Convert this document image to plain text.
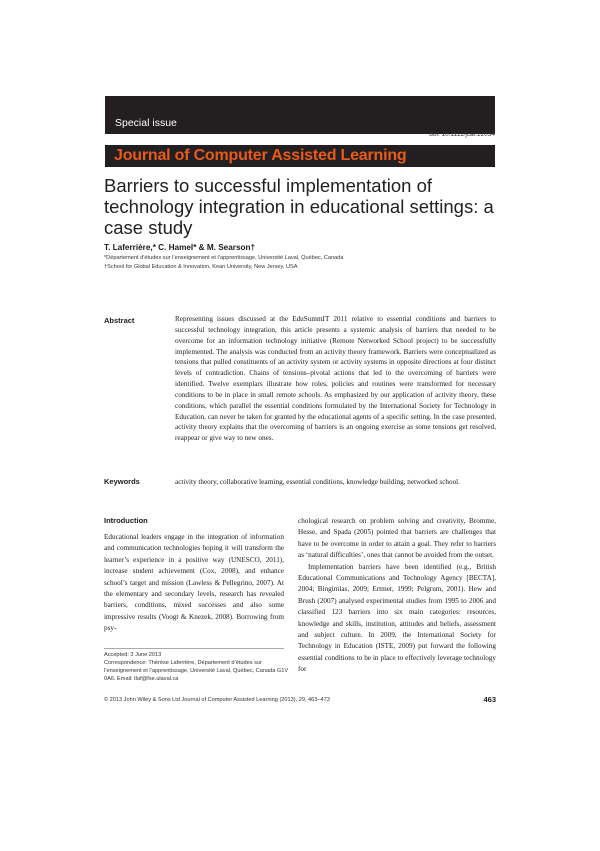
Special issue
doi: 10.1111/jcal.12034
Journal of Computer Assisted Learning
Barriers to successful implementation of technology integration in educational settings: a case study
T. Laferrière,* C. Hamel* & M. Searson†
*Département d’études sur l’enseignement et l’apprentissage, Université Laval, Québec, Canada
†School for Global Education & Innovation, Kean University, New Jersey, USA
Abstract	Representing issues discussed at the EduSummIT 2011 relative to essential conditions and barriers to successful technology integration, this article presents a systemic analysis of barriers that needed to be overcome for an information technology initiative (Remote Networked School project) to be successfully implemented. The analysis was conducted from an activity theory framework. Barriers were conceptualized as tensions that pulled constituents of an activity system or activity systems in opposite directions at four distinct levels of contradiction. Chains of tensions–pivotal actions that led to the overcoming of barriers were identified. Twelve exemplars illustrate how roles, policies and routines were transformed for necessary conditions to be in place in small remote schools. As emphasized by our application of activity theory, these conditions, which parallel the essential conditions formulated by the International Society for Technology in Education, can never be taken for granted by the educational agents of a specific setting. In the case presented, activity theory explains that the overcoming of barriers is an ongoing exercise as some tensions get resolved, reappear or give way to new ones.
Keywords	activity theory, collaborative learning, essential conditions, knowledge building, networked school.
Introduction

Educational leaders engage in the integration of information and communication technologies hoping it will transform the learner’s experience in a positive way (UNESCO, 2011), increase student achievement (Cox, 2008), and enhance school’s target and mission (Lawless & Pellegrino, 2007). At the elementary and secondary levels, research has revealed barriers, conditions, mixed successes and also some impressive results (Voogt & Knezek, 2008). Borrowing from psy-

chological research on problem solving and creativity, Bromme, Hesse, and Spada (2005) pointed that barriers are challenges that have to be overcome in order to attain a goal. They refer to barriers as ‘natural difficulties’, ones that cannot be avoided from the outset.

Implementation barriers have been identified (e.g., British Educational Communications and Technology Agency [BECTA], 2004; Bingimlas, 2009; Ertmer, 1999; Pelgrum, 2001). Hew and Brush (2007) analysed experimental studies from 1995 to 2006 and classified 123 barriers into six main categories: resources, knowledge and skills, institution, attitudes and beliefs, assessment and subject culture. In 2009, the International Society for Technology in Education (ISTE, 2009) put forward the following essential conditions to be in place to effectively leverage technology for

Accepted: 3 June 2013
Correspondence: Thérèse Laferrière, Département d’études sur l’enseignement et l’apprentissage, Université Laval, Québec, Canada G1V 0A6. Email: tlaf@fse.ulaval.ca
© 2013 John Wiley & Sons Ltd Journal of Computer Assisted Learning (2013), 29, 463–473	463
